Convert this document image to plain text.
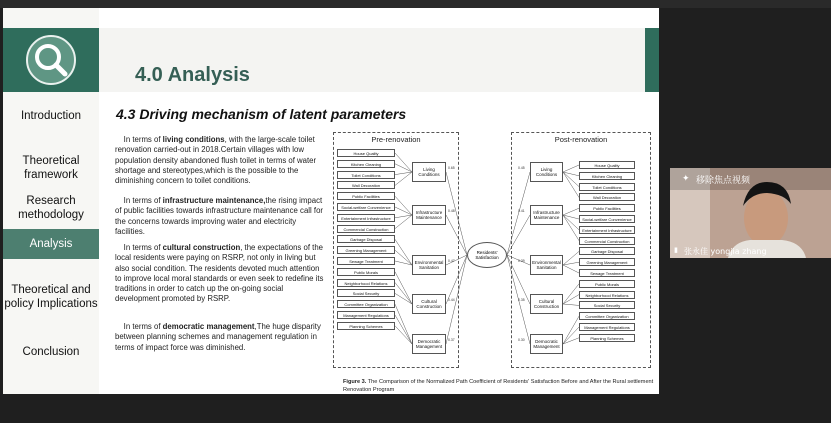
Introduction
Theoretical framework
Research methodology
Analysis
Theoretical and policy Implications
Conclusion
4.0 Analysis
4.3 Driving mechanism of latent parameters
In terms of living conditions, with the large-scale toilet renovation carried-out in 2018.Certain villages with low population density abandoned flush toilet in terms of water shortage and stereotypes,which is the possible to the diminishing concern to toilet conditions.
In terms of infrastructure maintenance,the rising impact of public facilities towards infrastructure maintenance call for the concerns towards improving water and electricity facilities.
In terms of cultural construction, the expectations of the local residents were paying on RSRP, not only in living but also social condition. The residents devoted much attention to improve local moral standards or even seek to redefine its traditions in order to catch up the on-going social development promoted by RSRP.
In terms of democratic management,The huge disparity between planning schemes and management regulation in terms of impact force was diminished.
Pre-renovation	Post-renovation
Residents' Satisfaction
House Quality
Kitchen Cleaning
Toilet Conditions
Wall Decoration
Public Facilities
Social-welfare Convenience
Entertainment Infrastructure
Commercial Construction
Garbage Disposal
Greening Management
Sewage Treatment
Public Morals
Neighborhood Relations
Social Security
Committee Organization
Management Regulations
Planning Schemes
Living Conditions
0.65
Infrastructure Maintenance
0.48
Environmental Sanitation
0.47
Cultural Construction
0.44
Democratic Management
0.37
House Quality
Kitchen Cleaning
Toilet Conditions
Wall Decoration
Public Facilities
Social-welfare Convenience
Entertainment Infrastructure
Commercial Construction
Garbage Disposal
Greening Management
Sewage Treatment
Public Morals
Neighborhood Relations
Social Security
Committee Organization
Management Regulations
Planning Schemes
Living Conditions
0.45
Infrastructure Maintenance
0.41
Environmental Sanitation
0.39
Cultural Construction
0.35
Democratic Management
0.30
Figure 3. The Comparison of the Normalized Path Coefficient of Residents' Satisfaction Before and After the Rural settlement Renovation Program
✦ 移除焦点视频
▮ 张永佳 yongjia zhang
